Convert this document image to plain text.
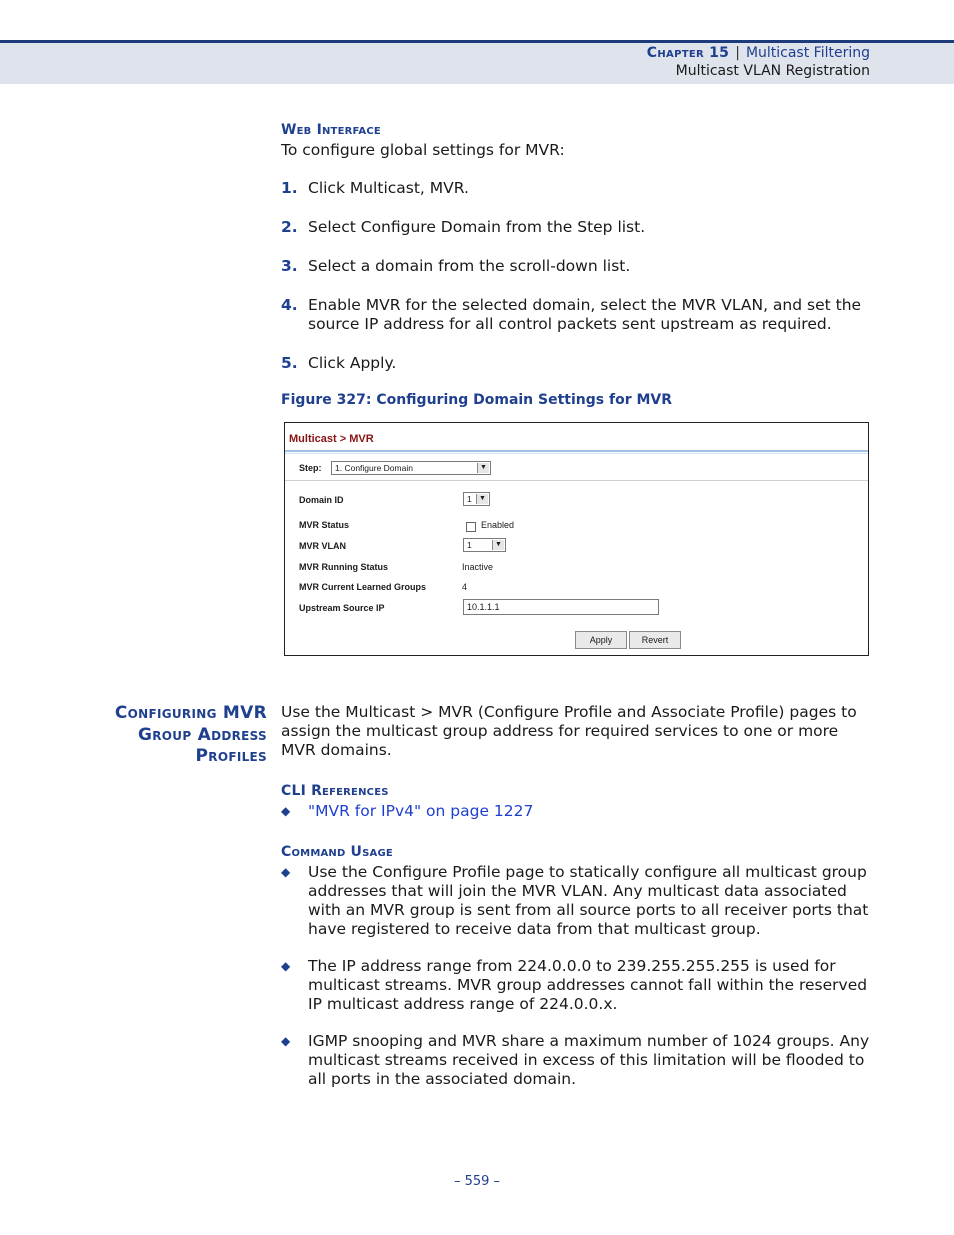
Chapter 15 | Multicast Filtering
Multicast VLAN Registration
Web Interface
To configure global settings for MVR:
1. Click Multicast, MVR.
2. Select Configure Domain from the Step list.
3. Select a domain from the scroll-down list.
4. Enable MVR for the selected domain, select the MVR VLAN, and set the source IP address for all control packets sent upstream as required.
5. Click Apply.
Figure 327: Configuring Domain Settings for MVR
Multicast > MVR
Step: 1. Configure Domain	▼
Domain ID	1	▼
MVR Status	Enabled
MVR VLAN	1	▼
MVR Running Status	Inactive
MVR Current Learned Groups	4
Upstream Source IP	10.1.1.1
Apply	Revert
Configuring MVR
Group Address
Profiles
Use the Multicast > MVR (Configure Profile and Associate Profile) pages to assign the multicast group address for required services to one or more MVR domains.
CLI References
◆ "MVR for IPv4" on page 1227
Command Usage
◆ Use the Configure Profile page to statically configure all multicast group addresses that will join the MVR VLAN. Any multicast data associated with an MVR group is sent from all source ports to all receiver ports that have registered to receive data from that multicast group.
◆ The IP address range from 224.0.0.0 to 239.255.255.255 is used for multicast streams. MVR group addresses cannot fall within the reserved IP multicast address range of 224.0.0.x.
◆ IGMP snooping and MVR share a maximum number of 1024 groups. Any multicast streams received in excess of this limitation will be flooded to all ports in the associated domain.
– 559 –
